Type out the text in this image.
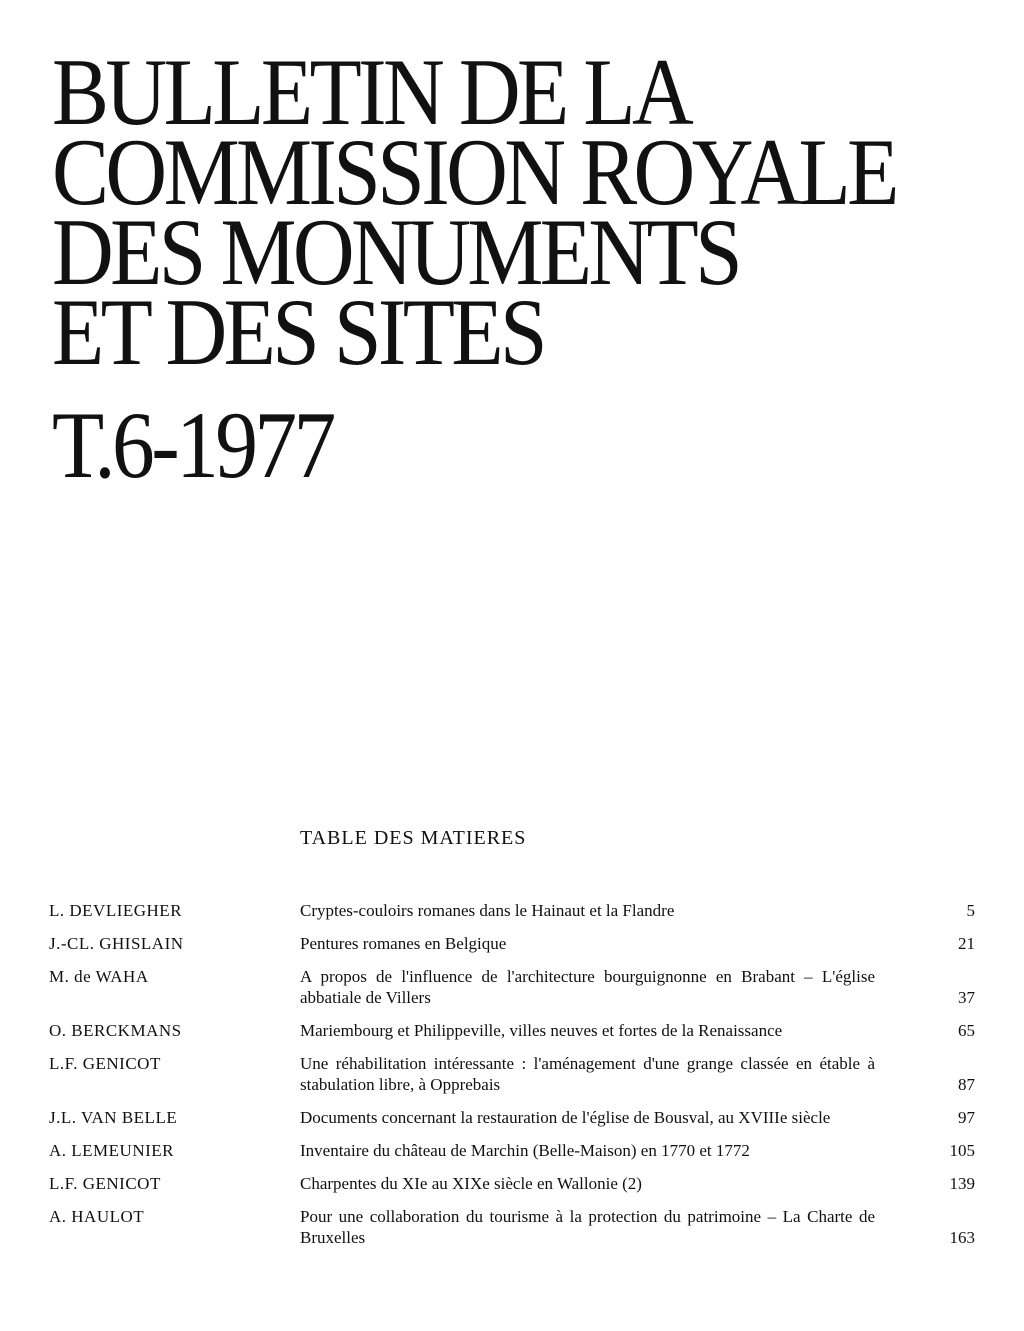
BULLETIN DE LA
COMMISSION ROYALE
DES MONUMENTS
ET DES SITES
T.6-1977
TABLE DES MATIERES
L. DEVLIEGHER	Cryptes-couloirs romanes dans le Hainaut et la Flandre	5
J.-CL. GHISLAIN	Pentures romanes en Belgique	21
M. de WAHA	A propos de l'influence de l'architecture bourguignonne en Brabant – L'église abbatiale de Villers	37
O. BERCKMANS	Mariembourg et Philippeville, villes neuves et fortes de la Renaissance	65
L.F. GENICOT	Une réhabilitation intéressante : l'aménagement d'une grange classée en étable à stabulation libre, à Opprebais	87
J.L. VAN BELLE	Documents concernant la restauration de l'église de Bousval, au XVIIIe siècle	97
A. LEMEUNIER	Inventaire du château de Marchin (Belle-Maison) en 1770 et 1772	105
L.F. GENICOT	Charpentes du XIe au XIXe siècle en Wallonie (2)	139
A. HAULOT	Pour une collaboration du tourisme à la protection du patrimoine – La Charte de Bruxelles	163
